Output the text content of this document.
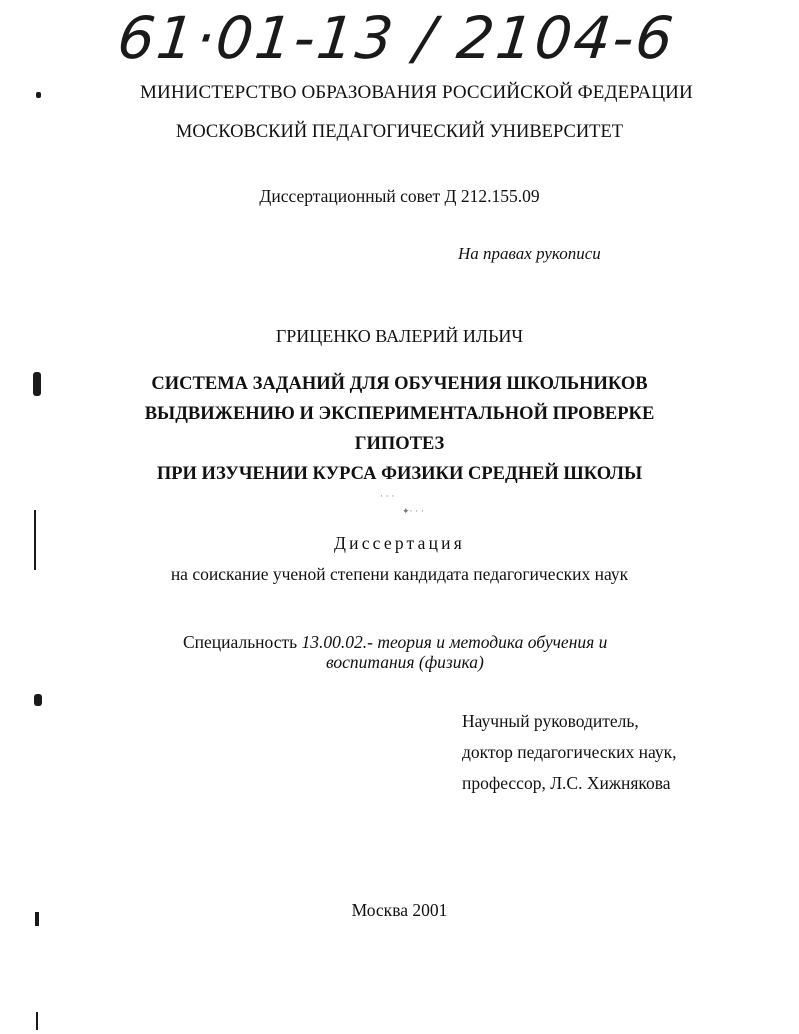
61·01-13 / 2104-6
МИНИСТЕРСТВО ОБРАЗОВАНИЯ РОССИЙСКОЙ ФЕДЕРАЦИИ
МОСКОВСКИЙ ПЕДАГОГИЧЕСКИЙ УНИВЕРСИТЕТ
Диссертационный совет Д 212.155.09
На правах рукописи
ГРИЦЕНКО ВАЛЕРИЙ ИЛЬИЧ
СИСТЕМА ЗАДАНИЙ ДЛЯ ОБУЧЕНИЯ ШКОЛЬНИКОВ
ВЫДВИЖЕНИЮ И ЭКСПЕРИМЕНТАЛЬНОЙ ПРОВЕРКЕ
ГИПОТЕЗ
ПРИ ИЗУЧЕНИИ КУРСА ФИЗИКИ СРЕДНЕЙ ШКОЛЫ
· · ·
✦· · ·
Диссертация
на соискание ученой степени кандидата педагогических наук
Специальность 13.00.02.- теория и методика обучения и
воспитания (физика)
Научный руководитель,
доктор педагогических наук,
профессор, Л.С. Хижнякова
Москва 2001
